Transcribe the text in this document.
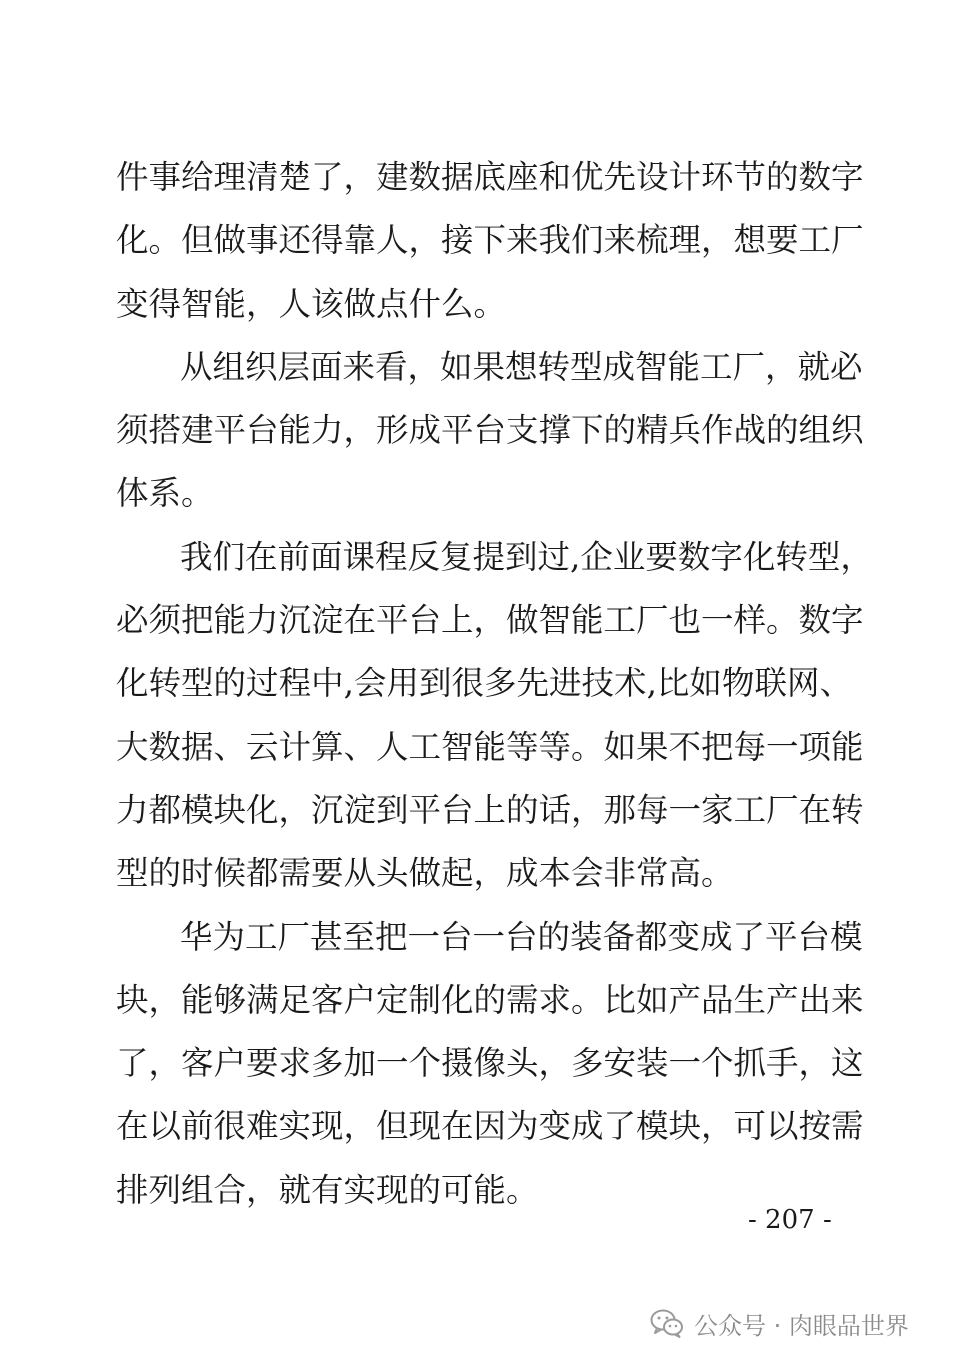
件事给理清楚了，建数据底座和优先设计环节的数字
化。但做事还得靠人，接下来我们来梳理，想要工厂
变得智能，人该做点什么。
从组织层面来看，如果想转型成智能工厂，就必
须搭建平台能力，形成平台支撑下的精兵作战的组织
体系。
我们在前面课程反复提到过,企业要数字化转型，
必须把能力沉淀在平台上，做智能工厂也一样。数字
化转型的过程中,会用到很多先进技术,比如物联网、
大数据、云计算、人工智能等等。如果不把每一项能
力都模块化，沉淀到平台上的话，那每一家工厂在转
型的时候都需要从头做起，成本会非常高。
华为工厂甚至把一台一台的装备都变成了平台模
块，能够满足客户定制化的需求。比如产品生产出来
了，客户要求多加一个摄像头，多安装一个抓手，这
在以前很难实现，但现在因为变成了模块，可以按需
排列组合，就有实现的可能。
- 207 -
公众号 · 肉眼品世界
